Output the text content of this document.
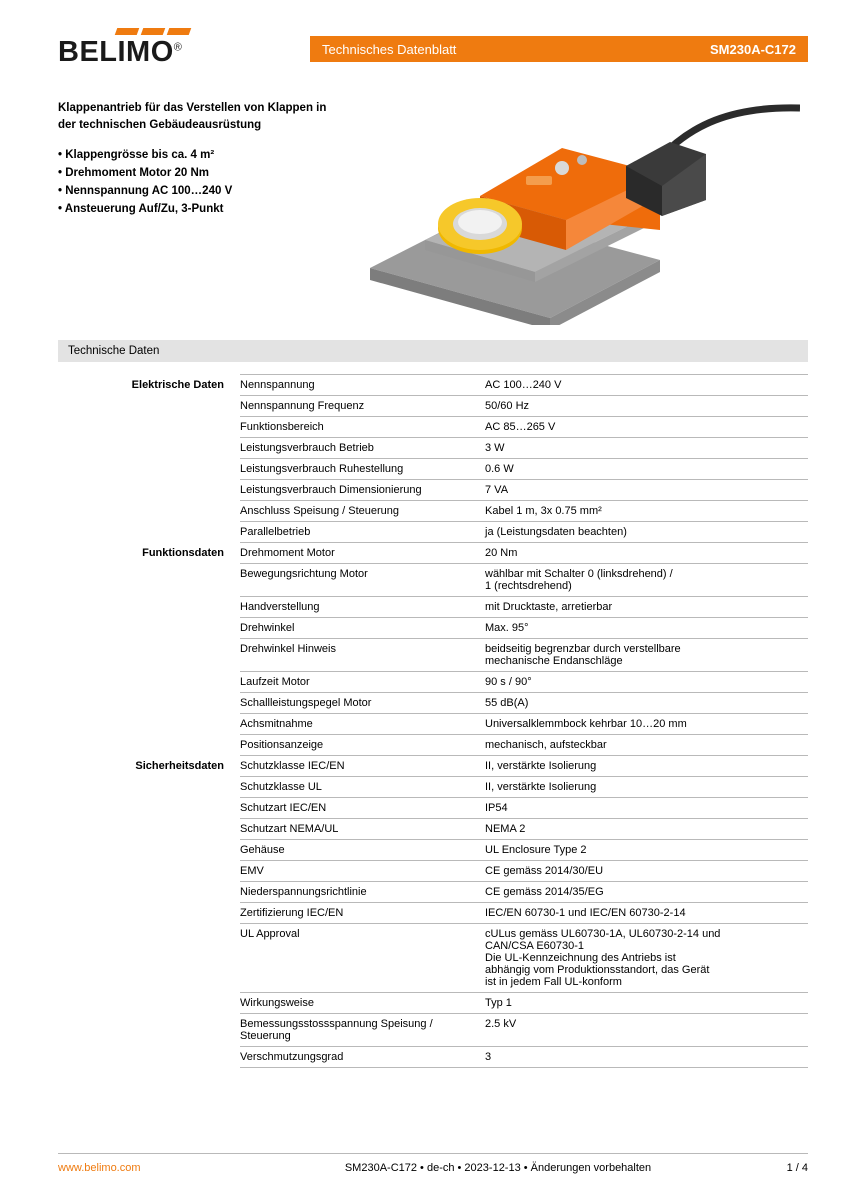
BELIMO®	Technisches Datenblatt	SM230A-C172
Klappenantrieb für das Verstellen von Klappen in der technischen Gebäudeausrüstung
• Klappengrösse bis ca. 4 m²
• Drehmoment Motor 20 Nm
• Nennspannung AC 100…240 V
• Ansteuerung Auf/Zu, 3-Punkt
Technische Daten
Elektrische Daten	Nennspannung	AC 100…240 V

	Nennspannung Frequenz	50/60 Hz

	Funktionsbereich	AC 85…265 V

	Leistungsverbrauch Betrieb	3 W

	Leistungsverbrauch Ruhestellung	0.6 W

	Leistungsverbrauch Dimensionierung	7 VA

	Anschluss Speisung / Steuerung	Kabel 1 m, 3x 0.75 mm²

	Parallelbetrieb	ja (Leistungsdaten beachten)

Funktionsdaten	Drehmoment Motor	20 Nm

	Bewegungsrichtung Motor	wählbar mit Schalter 0 (linksdrehend) /
1 (rechtsdrehend)

	Handverstellung	mit Drucktaste, arretierbar

	Drehwinkel	Max. 95°

	Drehwinkel Hinweis	beidseitig begrenzbar durch verstellbare
mechanische Endanschläge

	Laufzeit Motor	90 s / 90°

	Schallleistungspegel Motor	55 dB(A)

	Achsmitnahme	Universalklemmbock kehrbar 10…20 mm

	Positionsanzeige	mechanisch, aufsteckbar

Sicherheitsdaten	Schutzklasse IEC/EN	II, verstärkte Isolierung

	Schutzklasse UL	II, verstärkte Isolierung

	Schutzart IEC/EN	IP54

	Schutzart NEMA/UL	NEMA 2

	Gehäuse	UL Enclosure Type 2

	EMV	CE gemäss 2014/30/EU

	Niederspannungsrichtlinie	CE gemäss 2014/35/EG

	Zertifizierung IEC/EN	IEC/EN 60730-1 und IEC/EN 60730-2-14

	UL Approval	cULus gemäss UL60730-1A, UL60730-2-14 und
CAN/CSA E60730-1
Die UL-Kennzeichnung des Antriebs ist
abhängig vom Produktionsstandort, das Gerät
ist in jedem Fall UL-konform

	Wirkungsweise	Typ 1

	Bemessungsstossspannung Speisung / Steuerung	2.5 kV

	Verschmutzungsgrad	3
www.belimo.com	SM230A-C172 • de-ch • 2023-12-13 • Änderungen vorbehalten	1 / 4
